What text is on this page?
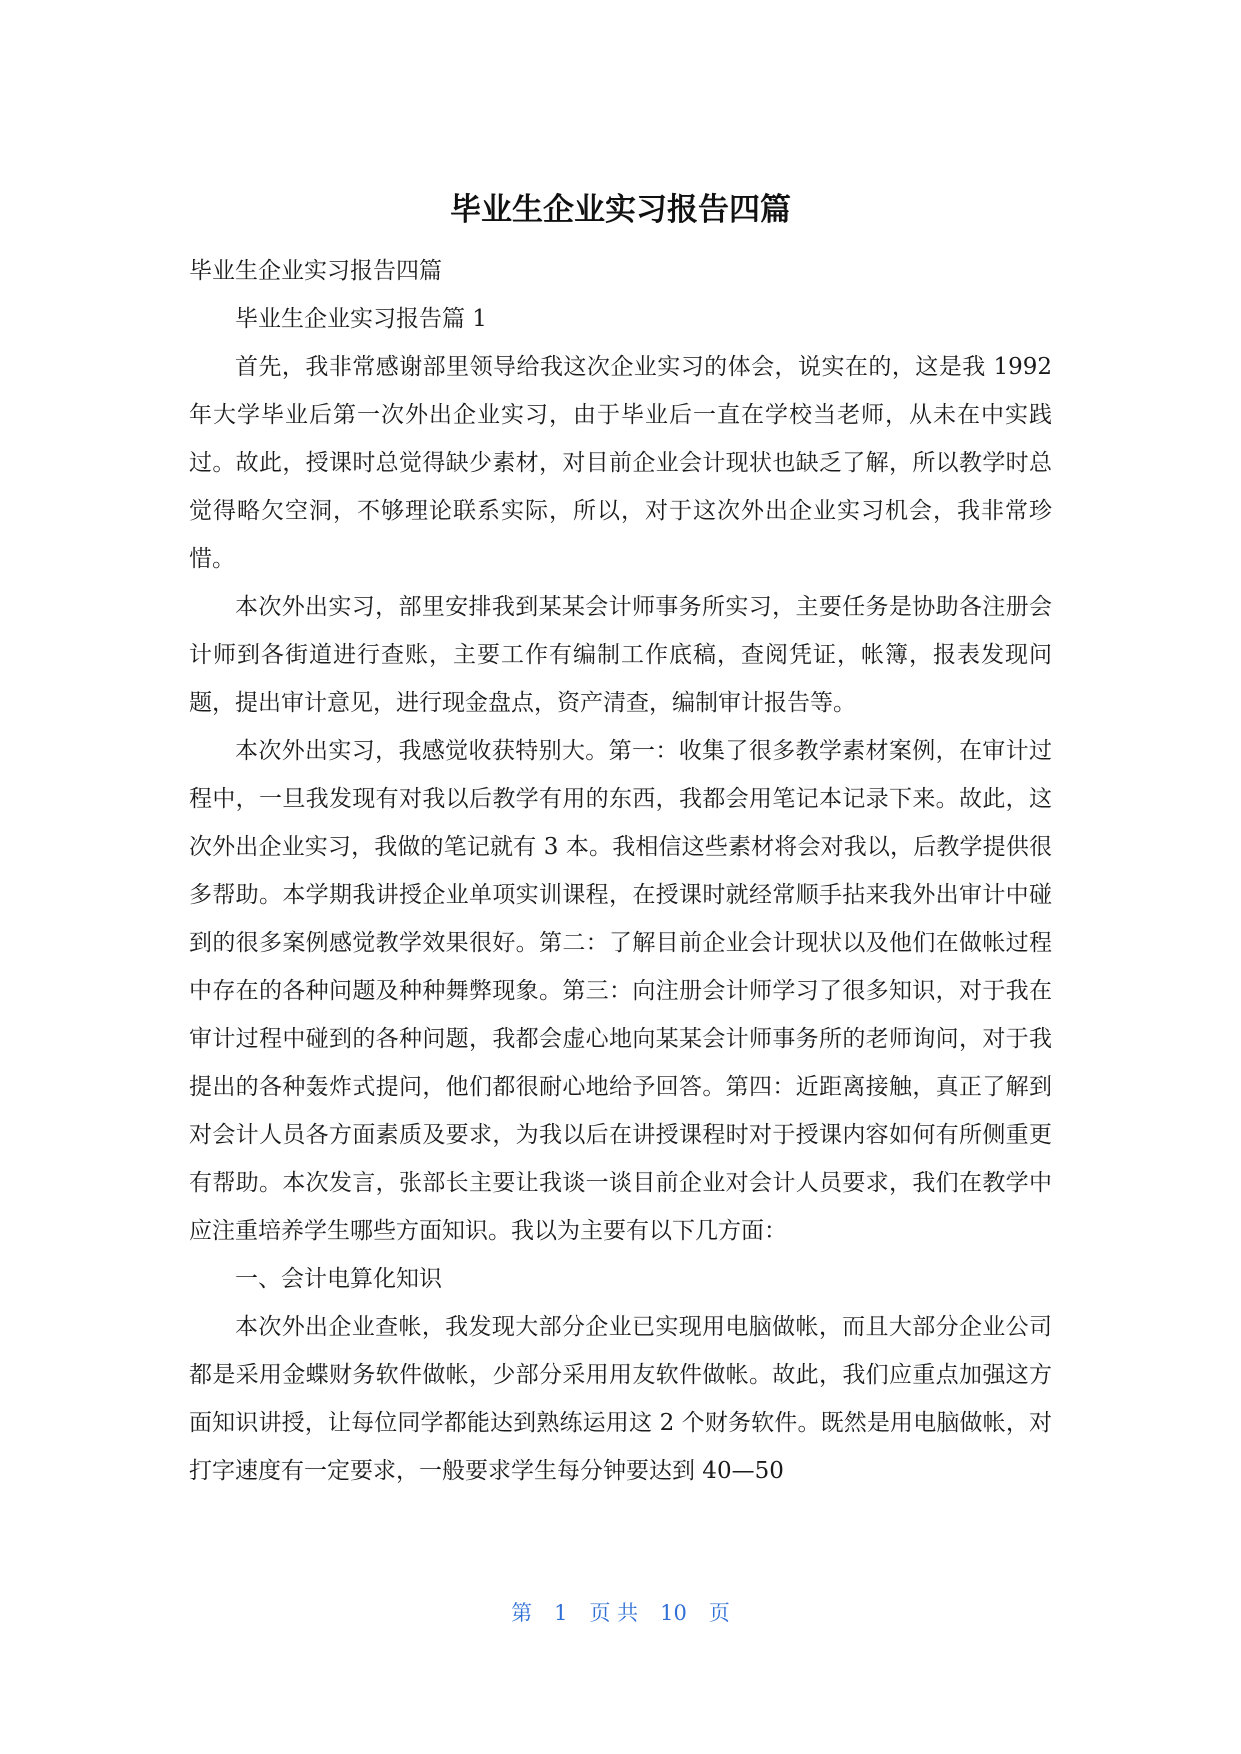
毕业生企业实习报告四篇

毕业生企业实习报告四篇

毕业生企业实习报告篇 1

首先，我非常感谢部里领导给我这次企业实习的体会，说实在的，这是我 1992 年大学毕业后第一次外出企业实习，由于毕业后一直在学校当老师，从未在中实践过。故此，授课时总觉得缺少素材，对目前企业会计现状也缺乏了解，所以教学时总觉得略欠空洞，不够理论联系实际，所以，对于这次外出企业实习机会，我非常珍惜。

本次外出实习，部里安排我到某某会计师事务所实习，主要任务是协助各注册会计师到各街道进行查账，主要工作有编制工作底稿，查阅凭证，帐簿，报表发现问题，提出审计意见，进行现金盘点，资产清查，编制审计报告等。

本次外出实习，我感觉收获特别大。第一：收集了很多教学素材案例，在审计过程中，一旦我发现有对我以后教学有用的东西，我都会用笔记本记录下来。故此，这次外出企业实习，我做的笔记就有 3 本。我相信这些素材将会对我以，后教学提供很多帮助。本学期我讲授企业单项实训课程，在授课时就经常顺手拈来我外出审计中碰到的很多案例感觉教学效果很好。第二：了解目前企业会计现状以及他们在做帐过程中存在的各种问题及种种舞弊现象。第三：向注册会计师学习了很多知识，对于我在审计过程中碰到的各种问题，我都会虚心地向某某会计师事务所的老师询问，对于我提出的各种轰炸式提问，他们都很耐心地给予回答。第四：近距离接触，真正了解到对会计人员各方面素质及要求，为我以后在讲授课程时对于授课内容如何有所侧重更有帮助。本次发言，张部长主要让我谈一谈目前企业对会计人员要求，我们在教学中应注重培养学生哪些方面知识。我以为主要有以下几方面：

一、会计电算化知识

本次外出企业查帐，我发现大部分企业已实现用电脑做帐，而且大部分企业公司都是采用金蝶财务软件做帐，少部分采用用友软件做帐。故此，我们应重点加强这方面知识讲授，让每位同学都能达到熟练运用这 2 个财务软件。既然是用电脑做帐，对打字速度有一定要求，一般要求学生每分钟要达到 40—50

第 1 页 共 10 页
